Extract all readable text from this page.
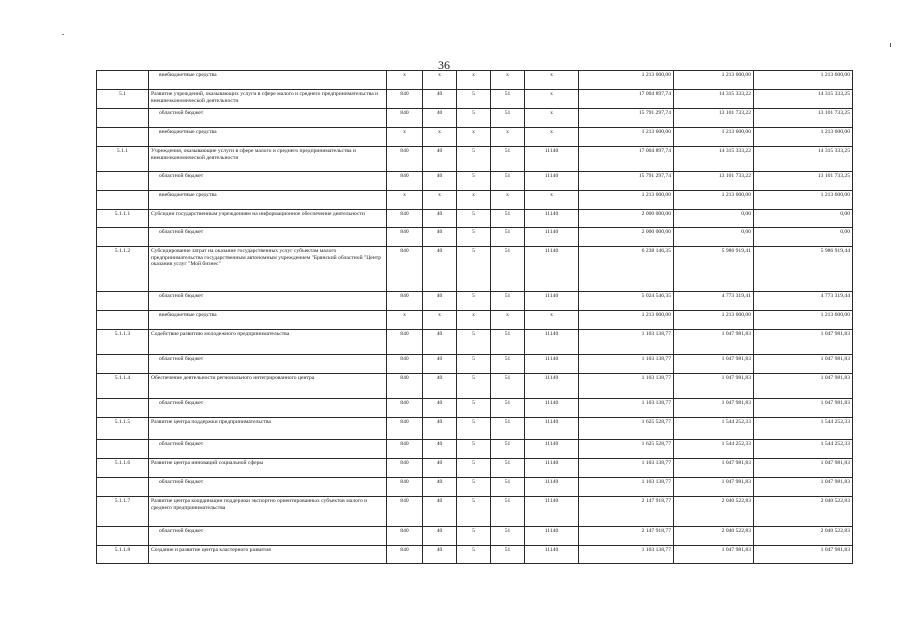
36
	внебюджетные средства	х	х	х	х	х	1 213 600,00	1 213 600,00	1 213 600,00
5.1	Развитие учреждений, оказывающих услуги в сфере малого и среднего предпринимательства и внешнеэкономической деятельности	840	40	5	51	х	17 004 897,74	14 315 333,22	14 315 333,25
	областной бюджет	840	40	5	51	х	15 791 297,74	13 101 733,22	13 101 733,25
	внебюджетные средства	х	х	х	х	х	1 213 600,00	1 213 600,00	1 213 600,00
5.1.1	Учреждения, оказывающие услуги в сфере малого и среднего предпринимательства и внешнеэкономической деятельности	840	40	5	51	11140	17 004 897,74	14 315 333,22	14 315 333,25
	областной бюджет	840	40	5	51	11140	15 791 297,74	13 101 733,22	13 101 733,25
	внебюджетные средства	х	х	х	х	х	1 213 600,00	1 213 600,00	1 213 600,00
5.1.1.1	Субсидии государственным учреждениям на информационное обеспечение деятельности	840	40	5	51	11140	2 000 000,00	0,00	0,00
	областной бюджет	840	40	5	51	11140	2 000 000,00	0,00	0,00
5.1.1.2	Субсидирование затрат на оказание государственных услуг субъектам малого предпринимательства государственным автономным учреждением "Брянский областной "Центр оказания услуг "Мой бизнес"	840	40	5	51	11140	6 238 146,35	5 986 919,41	5 986 919,44
	областной бюджет	840	40	5	51	11140	5 024 546,35	4 773 319,41	4 773 319,44
	внебюджетные средства	х	х	х	х	х	1 213 600,00	1 213 600,00	1 213 600,00
5.1.1.3	Содействие развитию молодежного предпринимательства	840	40	5	51	11140	1 103 138,77	1 047 981,83	1 047 981,83
	областной бюджет	840	40	5	51	11140	1 103 138,77	1 047 981,83	1 047 981,83
5.1.1.4	Обеспечение деятельности регионального интегрированного центра	840	40	5	51	11140	1 103 138,77	1 047 981,83	1 047 981,83
	областной бюджет	840	40	5	51	11140	1 103 138,77	1 047 981,83	1 047 981,83
5.1.1.5	Развитие центра поддержки предпринимательства	840	40	5	51	11140	1 625 528,77	1 544 252,33	1 544 252,33
	областной бюджет	840	40	5	51	11140	1 625 528,77	1 544 252,33	1 544 252,33
5.1.1.6	Развитие центра инноваций социальной сферы	840	40	5	51	11140	1 103 138,77	1 047 981,83	1 047 981,83
	областной бюджет	840	40	5	51	11140	1 103 138,77	1 047 981,83	1 047 981,83
5.1.1.7	Развитие центра координации поддержки экспортно ориентированных субъектов малого и среднего предпринимательства	840	40	5	51	11140	2 147 918,77	2 040 522,83	2 040 522,83
	областной бюджет	840	40	5	51	11140	2 147 918,77	2 040 522,83	2 040 522,83
5.1.1.8	Создание и развитие центра кластерного развития	840	40	5	51	11140	1 103 138,77	1 047 981,83	1 047 981,83
